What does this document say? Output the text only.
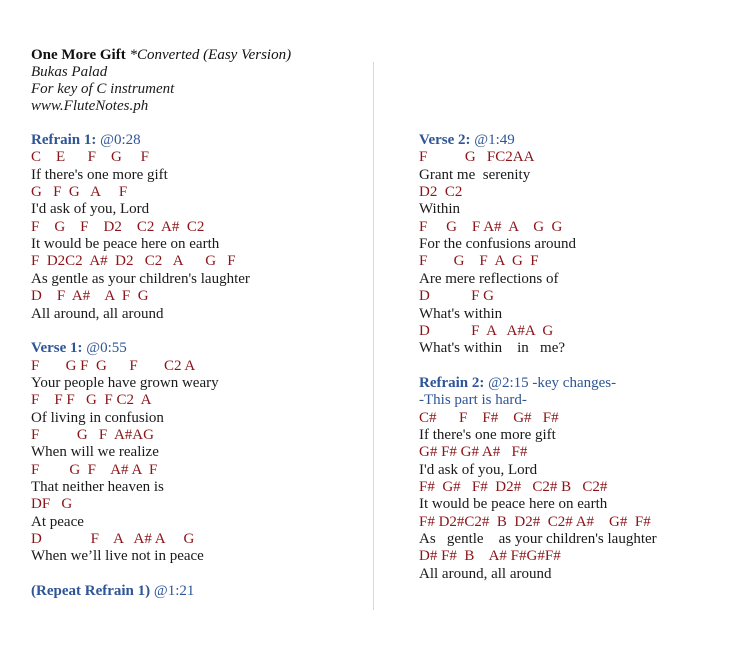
One More Gift *Converted (Easy Version)
Bukas Palad
For key of C instrument
www.FluteNotes.ph
Refrain 1: @0:28
C    E      F    G     F
If there's one more gift
G   F  G   A     F
I'd ask of you, Lord
F    G    F    D2    C2  A#  C2
It would be peace here on earth
F  D2C2  A#  D2   C2   A      G   F
As gentle as your children's laughter
D    F  A#    A  F  G
All around, all around
Verse 1: @0:55
F       G F  G      F       C2 A
Your people have grown weary
F    F F   G  F C2  A
Of living in confusion
F          G   F  A#AG
When will we realize
F        G  F    A# A  F
That neither heaven is
DF   G
At peace
D             F    A   A# A     G
When we’ll live not in peace
(Repeat Refrain 1) @1:21
Verse 2: @1:49
F          G   FC2AA
Grant me  serenity
D2  C2
Within
F     G    F A#  A    G  G
For the confusions around
F       G    F  A  G  F
Are mere reflections of
D           F G
What's within
D           F  A   A#A  G
What's within    in   me?
Refrain 2: @2:15 -key changes-
-This part is hard-
C#      F    F#    G#   F#
If there's one more gift
G# F# G# A#   F#
I'd ask of you, Lord
F#  G#   F#  D2#   C2# B   C2#
It would be peace here on earth
F# D2#C2#  B  D2#  C2# A#    G#  F#
As   gentle    as your children's laughter
D# F#  B    A# F#G#F#
All around, all around
